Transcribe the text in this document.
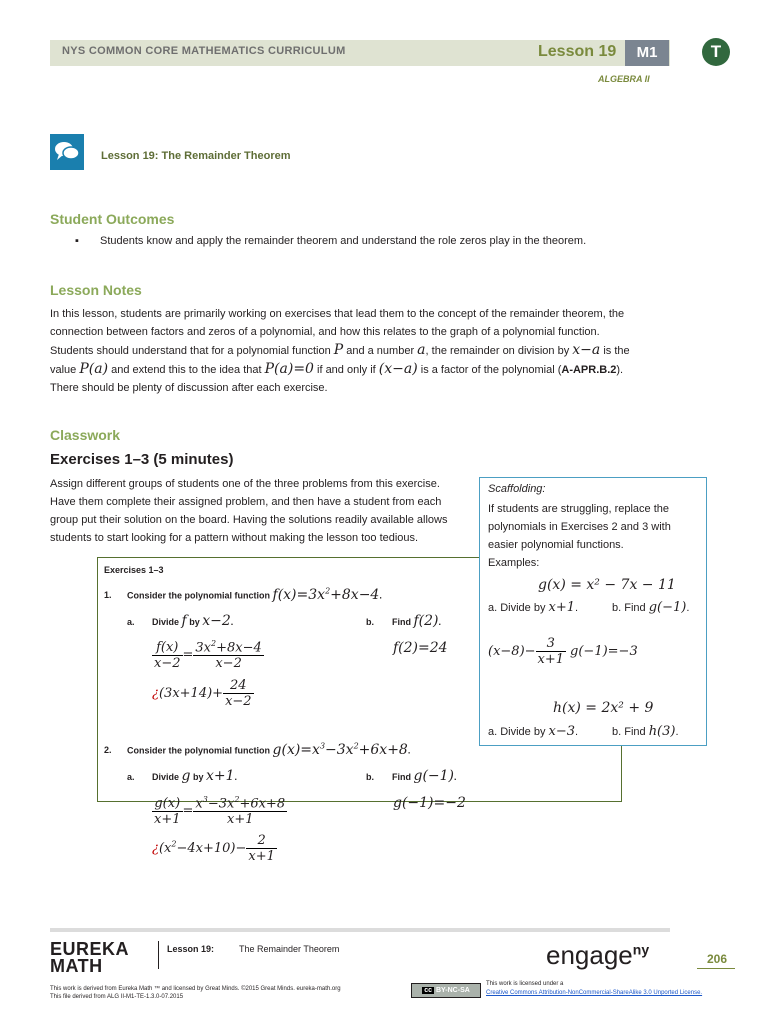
NYS COMMON CORE MATHEMATICS CURRICULUM	Lesson 19	M1	T
ALGEBRA II
Lesson 19: The Remainder Theorem
Student Outcomes
▪ Students know and apply the remainder theorem and understand the role zeros play in the theorem.
Lesson Notes
In this lesson, students are primarily working on exercises that lead them to the concept of the remainder theorem, the
connection between factors and zeros of a polynomial, and how this relates to the graph of a polynomial function.
Students should understand that for a polynomial function P and a number a, the remainder on division by x−a is the
value P(a) and extend this to the idea that P(a)=0 if and only if (x−a) is a factor of the polynomial (A-APR.B.2).
There should be plenty of discussion after each exercise.
Classwork
Exercises 1–3 (5 minutes)
Assign different groups of students one of the three problems from this exercise.
Have them complete their assigned problem, and then have a student from each
group put their solution on the board. Having the solutions readily available allows
students to start looking for a pattern without making the lesson too tedious.
Exercises 1–3
1. Consider the polynomial function $f(x)=3x^2+8x-4$.
a. Divide f by x−2.	b. Find f(2).
$\frac{f(x)}{x-2} = \frac{3x^2+8x-4}{x-2}$	f(2)=24
¿$(3x+14)+ \frac{24}{x-2}$
2. Consider the polynomial function $g(x)=x^3-3x^2+6x+8$.
a. Divide g by x+1.	b. Find g(−1).
$\frac{g(x)}{x+1} = \frac{x^3-3x^2+6x+8}{x+1}$	g(−1)=−2
¿$(x^2-4x+10)- \frac{2}{x+1}$
Scaffolding:
If students are struggling, replace the
polynomials in Exercises 2 and 3 with
easier polynomial functions.
Examples:
g(x) = x² − 7x − 11
a. Divide by x+1.	b. Find g(−1).
$(x-8)- \frac{3}{x+1} g(-1)=-3$
h(x) = 2x² + 9
a. Divide by x−3.	b. Find h(3).
EUREKA
MATH
Lesson 19:	The Remainder Theorem	engage$^{ny}$
206
This work is derived from Eureka Math ™ and licensed by Great Minds. ©2015 Great Minds. eureka-math.org
This file derived from ALG II-M1-TE-1.3.0-07.2015
cc BY-NC-SA
This work is licensed under a
Creative Commons Attribution-NonCommercial-ShareAlike 3.0 Unported License.
